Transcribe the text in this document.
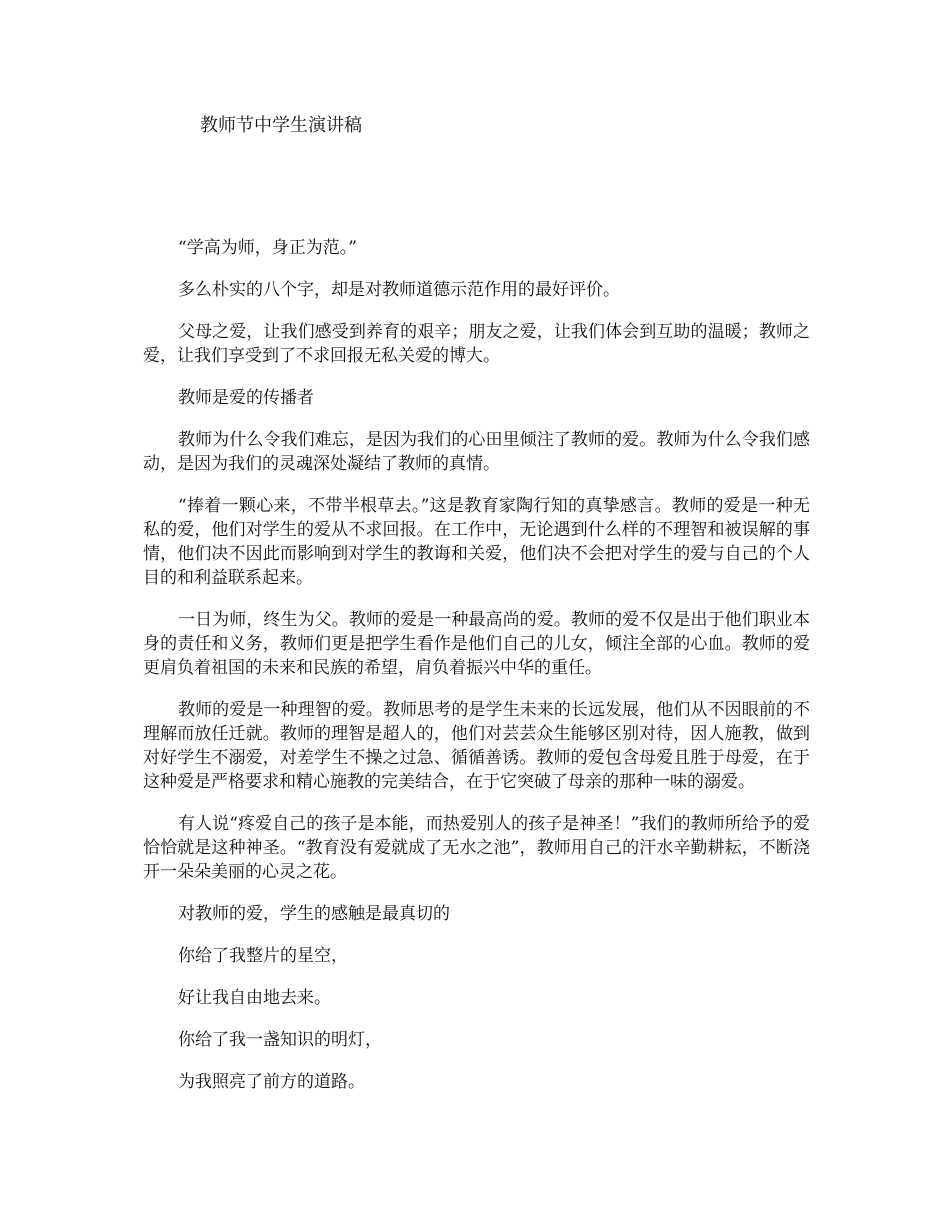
教师节中学生演讲稿

“学高为师，身正为范。”

多么朴实的八个字，却是对教师道德示范作用的最好评价。

父母之爱，让我们感受到养育的艰辛；朋友之爱，让我们体会到互助的温暖；教师之爱，让我们享受到了不求回报无私关爱的博大。

教师是爱的传播者

教师为什么令我们难忘，是因为我们的心田里倾注了教师的爱。教师为什么令我们感动，是因为我们的灵魂深处凝结了教师的真情。

“捧着一颗心来，不带半根草去。”这是教育家陶行知的真挚感言。教师的爱是一种无私的爱，他们对学生的爱从不求回报。在工作中，无论遇到什么样的不理智和被误解的事情，他们决不因此而影响到对学生的教诲和关爱，他们决不会把对学生的爱与自己的个人目的和利益联系起来。

一日为师，终生为父。教师的爱是一种最高尚的爱。教师的爱不仅是出于他们职业本身的责任和义务，教师们更是把学生看作是他们自己的儿女，倾注全部的心血。教师的爱更肩负着祖国的未来和民族的希望，肩负着振兴中华的重任。

教师的爱是一种理智的爱。教师思考的是学生未来的长远发展，他们从不因眼前的不理解而放任迁就。教师的理智是超人的，他们对芸芸众生能够区别对待，因人施教，做到对好学生不溺爱，对差学生不操之过急、循循善诱。教师的爱包含母爱且胜于母爱，在于这种爱是严格要求和精心施教的完美结合，在于它突破了母亲的那种一味的溺爱。

有人说“疼爱自己的孩子是本能，而热爱别人的孩子是神圣！”我们的教师所给予的爱恰恰就是这种神圣。“教育没有爱就成了无水之池”，教师用自己的汗水辛勤耕耘，不断浇开一朵朵美丽的心灵之花。

对教师的爱，学生的感触是最真切的

你给了我整片的星空，

好让我自由地去来。

你给了我一盏知识的明灯，

为我照亮了前方的道路。
